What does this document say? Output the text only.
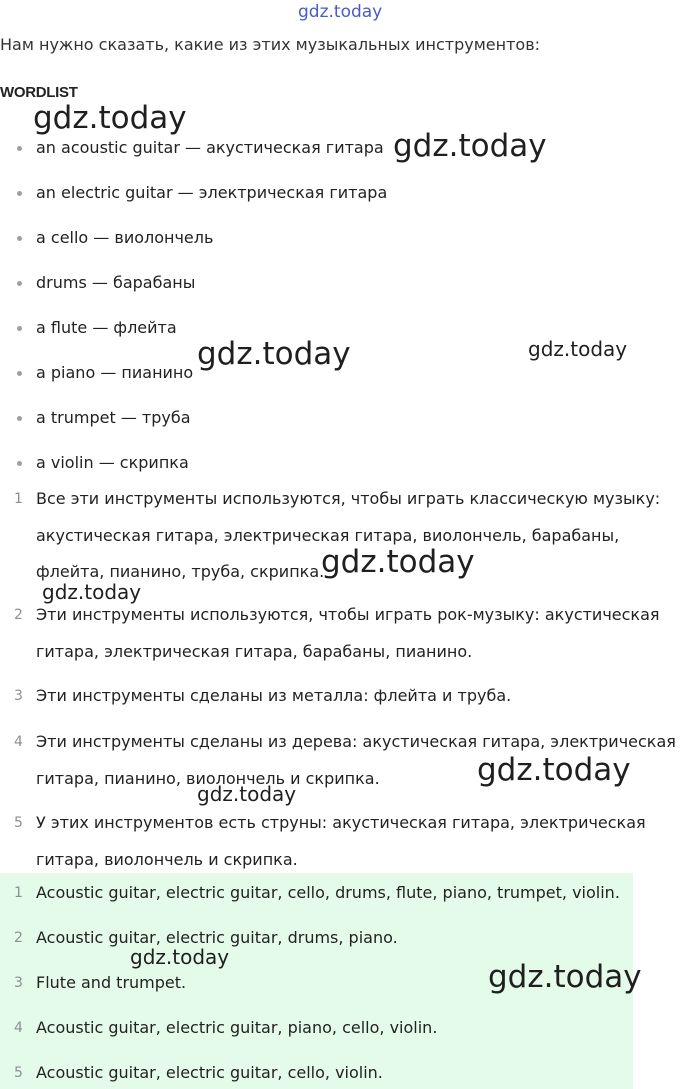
Нам нужно сказать, какие из этих музыкальных инструментов:
WORDLIST
an acoustic guitar — акустическая гитара
an electric guitar — электрическая гитара
a cello — виолончель
drums — барабаны
a flute — флейта
a piano — пианино
a trumpet — труба
a violin — скрипка
1 Все эти инструменты используются, чтобы играть классическую музыку: акустическая гитара, электрическая гитара, виолончель, барабаны, флейта, пианино, труба, скрипка.
2 Эти инструменты используются, чтобы играть рок-музыку: акустическая гитара, электрическая гитара, барабаны, пианино.
3 Эти инструменты сделаны из металла: флейта и труба.
4 Эти инструменты сделаны из дерева: акустическая гитара, электрическая гитара, пианино, виолончель и скрипка.
5 У этих инструментов есть струны: акустическая гитара, электрическая гитара, виолончель и скрипка.
1 Acoustic guitar, electric guitar, cello, drums, flute, piano, trumpet, violin.
2 Acoustic guitar, electric guitar, drums, piano.
3 Flute and trumpet.
4 Acoustic guitar, electric guitar, piano, cello, violin.
5 Acoustic guitar, electric guitar, cello, violin.
gdz.today
gdz.today
gdz.today
gdz.today	gdz.today
gdz.today
gdz.today
gdz.today
gdz.today
gdz.today
gdz.today
